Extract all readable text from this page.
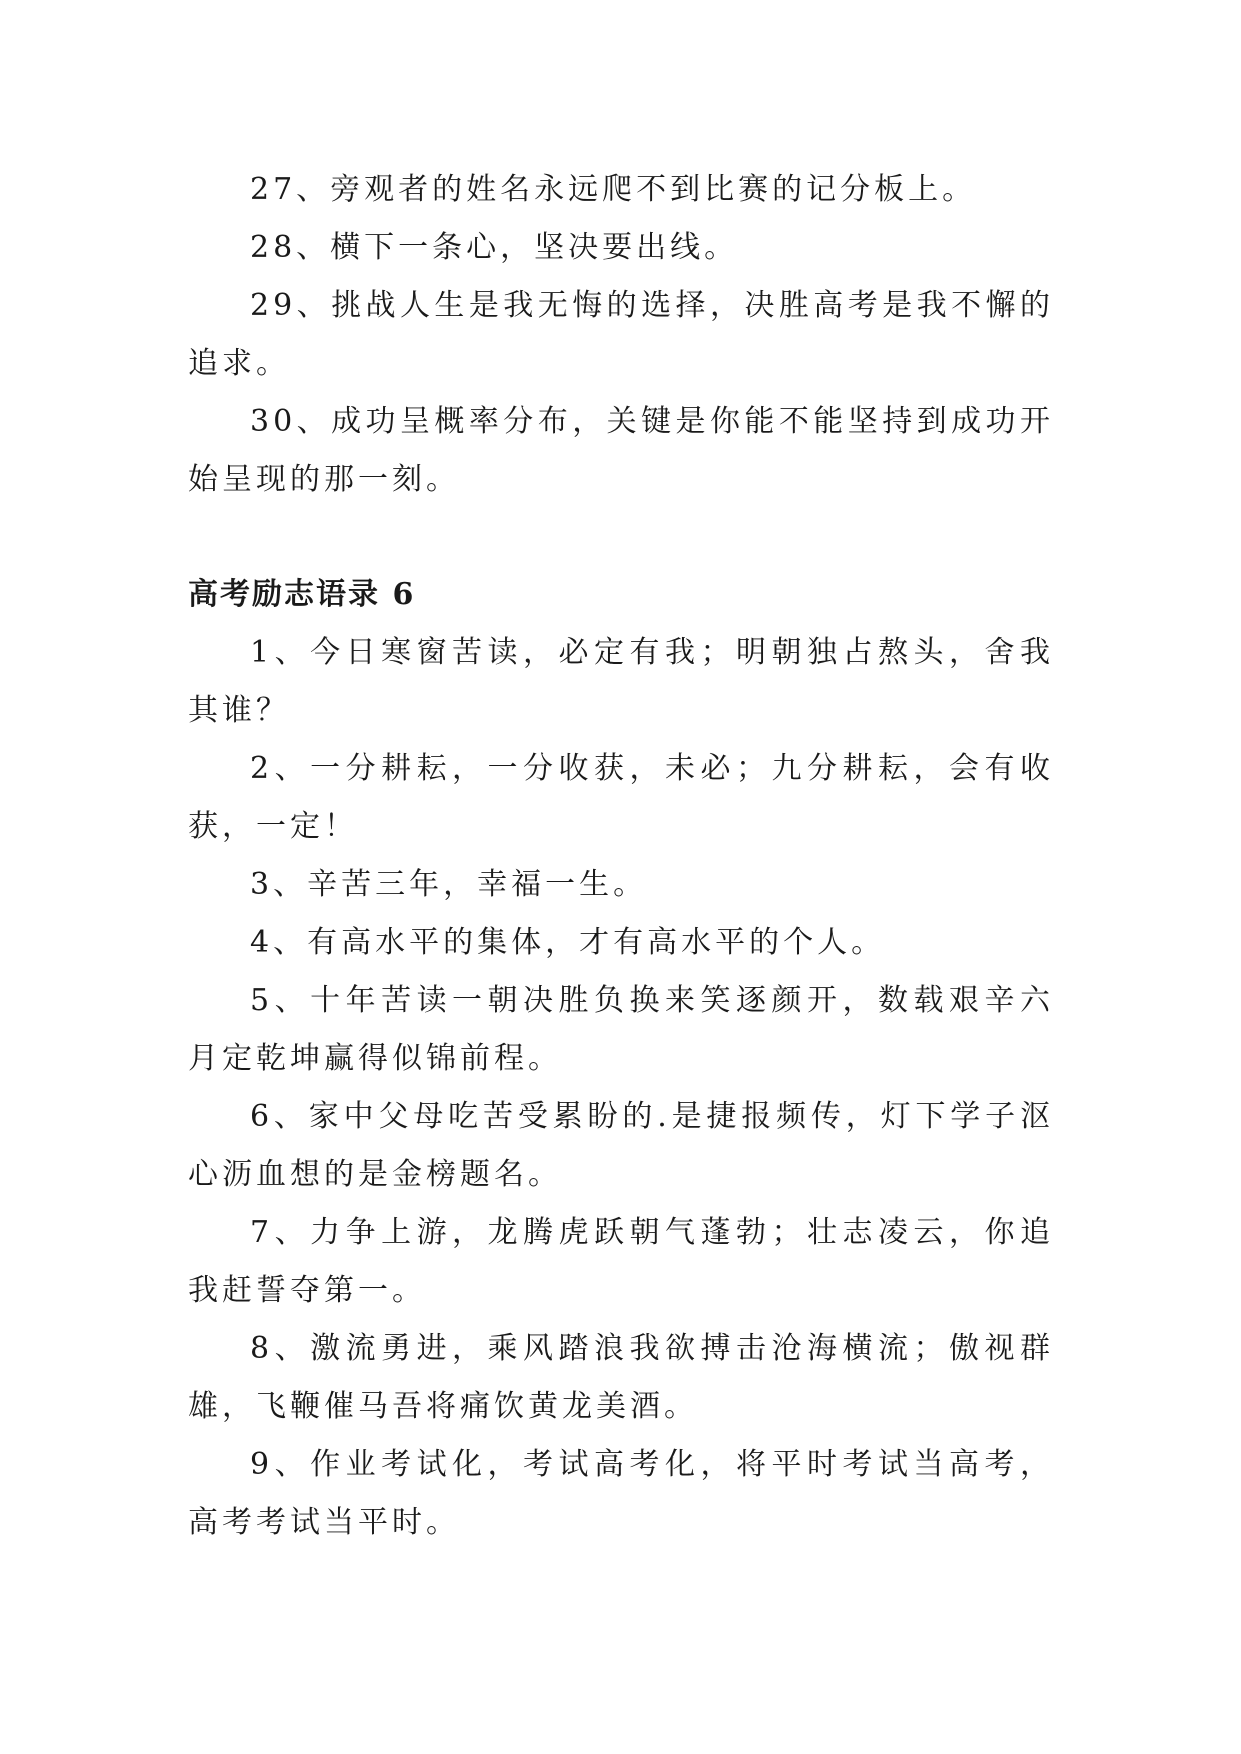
27、旁观者的姓名永远爬不到比赛的记分板上。

28、横下一条心，坚决要出线。

29、挑战人生是我无悔的选择，决胜高考是我不懈的追求。

30、成功呈概率分布，关键是你能不能坚持到成功开始呈现的那一刻。

高考励志语录 6

1、今日寒窗苦读，必定有我；明朝独占熬头，舍我其谁？

2、一分耕耘，一分收获，未必；九分耕耘，会有收获，一定！

3、辛苦三年，幸福一生。

4、有高水平的集体，才有高水平的个人。

5、十年苦读一朝决胜负换来笑逐颜开，数载艰辛六月定乾坤赢得似锦前程。

6、家中父母吃苦受累盼的.是捷报频传，灯下学子沤心沥血想的是金榜题名。

7、力争上游，龙腾虎跃朝气蓬勃；壮志凌云，你追我赶誓夺第一。

8、激流勇进，乘风踏浪我欲搏击沧海横流；傲视群雄，飞鞭催马吾将痛饮黄龙美酒。

9、作业考试化，考试高考化，将平时考试当高考，高考考试当平时。
